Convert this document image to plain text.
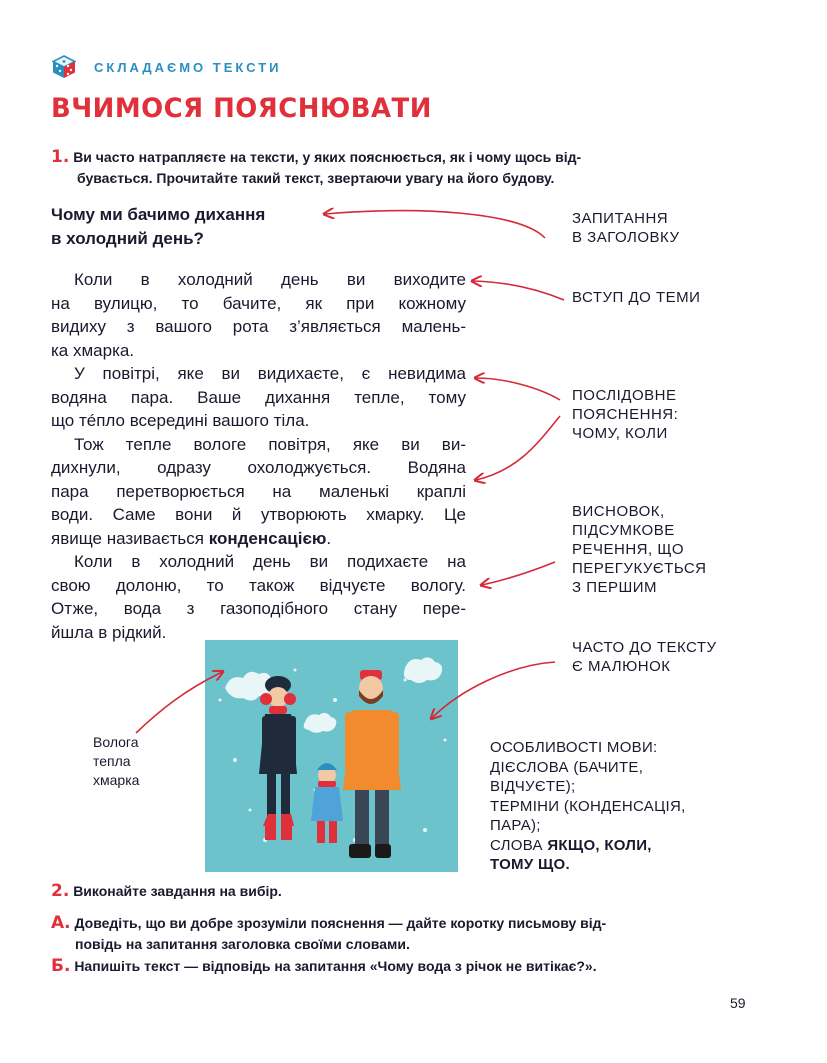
СКЛАДАЄМО ТЕКСТИ
ВЧИМОСЯ ПОЯСНЮВАТИ
1. Ви часто натрапляєте на тексти, у яких пояснюється, як і чому щось від-
бувається. Прочитайте такий текст, звертаючи увагу на його будову.
Чому ми бачимо дихання
в холодний день?
Коли в холодний день ви виходите
на вулицю, то бачите, як при кожному
видиху з вашого рота з’являється малень-
ка хмарка.
У повітрі, яке ви видихаєте, є невидима
водяна пара. Ваше дихання тепле, тому
що тéпло всередині вашого тіла.
Тож тепле вологе повітря, яке ви ви-
дихнули, одразу охолоджується. Водяна
пара перетворюється на маленькі краплі
води. Саме вони й утворюють хмарку. Це
явище називається конденсацією.
Коли в холодний день ви подихаєте на
свою долоню, то також відчуєте вологу.
Отже, вода з газоподібного стану пере-
йшла в рідкий.
ЗАПИТАННЯ
В ЗАГОЛОВКУ
ВСТУП ДО ТЕМИ
ПОСЛІДОВНЕ
ПОЯСНЕННЯ:
ЧОМУ, КОЛИ
ВИСНОВОК,
ПІДСУМКОВЕ
РЕЧЕННЯ, ЩО
ПЕРЕГУКУЄТЬСЯ
З ПЕРШИМ
ЧАСТО ДО ТЕКСТУ
Є МАЛЮНОК
Волога
тепла
хмарка
ОСОБЛИВОСТІ МОВИ:
ДІЄСЛОВА (БАЧИТЕ,
ВІДЧУЄТЕ);
ТЕРМІНИ (КОНДЕНСАЦІЯ,
ПАРА);
СЛОВА ЯКЩО, КОЛИ,
ТОМУ ЩО.
2. Виконайте завдання на вибір.
А. Доведіть, що ви добре зрозуміли пояснення — дайте коротку письмову від-
повідь на запитання заголовка своїми словами.
Б. Напишіть текст — відповідь на запитання «Чому вода з річок не витікає?».
59
